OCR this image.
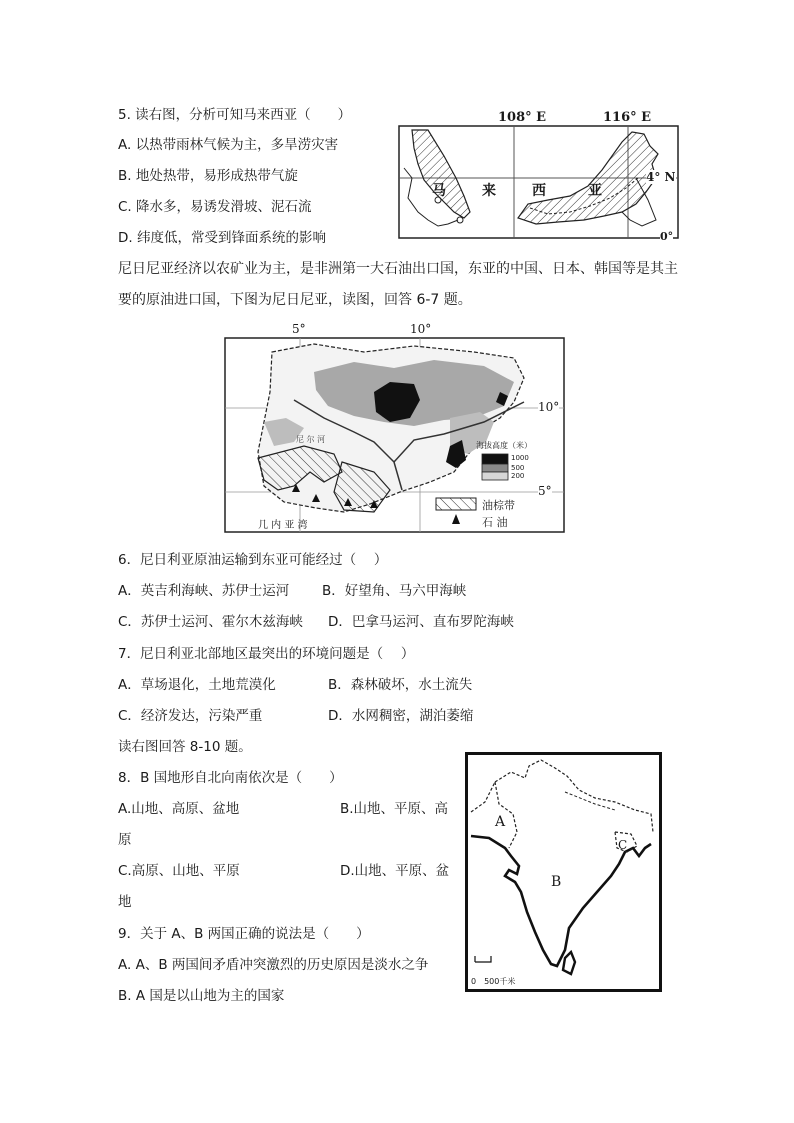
5. 读右图，分析可知马来西亚（　　）
A. 以热带雨林气候为主，多旱涝灾害
B. 地处热带，易形成热带气旋
C. 降水多，易诱发滑坡、泥石流
D. 纬度低，常受到锋面系统的影响
108° E	116° E
4° N
0°
马	来	西	亚
尼日尼亚经济以农矿业为主，是非洲第一大石油出口国，东亚的中国、日本、韩国等是其主
要的原油进口国，下图为尼日尼亚，读图，回答 6-7 题。
5°	10°
10°
5°
海拔高度（米）
1000
500
200
油棕带
石 油
几 内 亚 湾
尼 尔 河
6．尼日利亚原油运输到东亚可能经过（　 ）
A．英吉利海峡、苏伊士运河 B．好望角、马六甲海峡
C．苏伊士运河、霍尔木兹海峡 D．巴拿马运河、直布罗陀海峡
7．尼日利亚北部地区最突出的环境问题是（　 ）
A．草场退化，土地荒漠化	B．森林破坏，水土流失
C．经济发达，污染严重	D．水网稠密，湖泊萎缩
读右图回答 8-10 题。
8．B 国地形自北向南依次是（　　）
A.山地、高原、盆地	B.山地、平原、高
原
C.高原、山地、平原	D.山地、平原、盆
地
9．关于 A、B 两国正确的说法是（　　）
A. A、B 两国间矛盾冲突激烈的历史原因是淡水之争
B. A 国是以山地为主的国家
A
B
C
0　500千米
